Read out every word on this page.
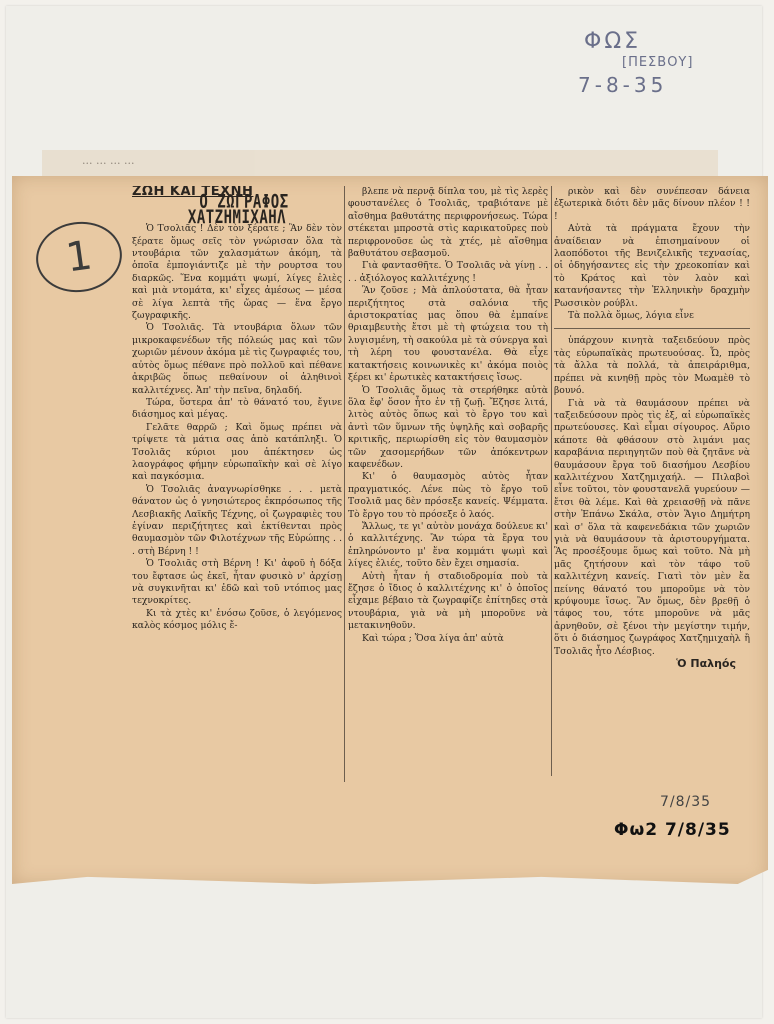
ΦΩΣ
[ΠΕΣΒΟΥ]
7-8-35
... ... ... ...
1

ΖΩΗ ΚΑΙ ΤΕΧΝΗ

Ο ΖΩΓΡΑΦΟΣ ΧΑΤΖΗΜΙΧΑΗΛ

Ὁ Τσολιᾶς ! Δὲν τὸν ξέρατε ; Ἂν δὲν τὸν ξέρατε ὅμως σεῖς τὸν γνώρισαν ὅλα τὰ ντουβάρια τῶν χαλασμάτων ἀκόμη, τὰ ὁποῖα ἐμπογιάντιζε μὲ τὴν ρουρτσα του διαρκῶς. Ἕνα κομμάτι ψωμί, λίγες ἐλιὲς καὶ μιὰ ντομάτα, κι' εἶχες ἀμέσως — μέσα σὲ λίγα λεπτὰ τῆς ὥρας — ἕνα ἔργο ζωγραφικῆς.

Ὁ Τσολιᾶς. Τὰ ντουβάρια ὅλων τῶν μικροκαφενέδων τῆς πόλεώς μας καὶ τῶν χωριῶν μένουν ἀκόμα μὲ τὶς ζωγραφιές του, αὐτὸς ὅμως πέθανε πρὸ πολλοῦ καὶ πέθανε ἀκριβῶς ὅπως πεθαίνουν οἱ ἀληθινοὶ καλλιτέχνες. Ἀπ' τὴν πεῖνα, δηλαδή.

Τώρα, ὕστερα ἀπ' τὸ θάνατό του, ἔγινε διάσημος καὶ μέγας.

Γελᾶτε θαρρῶ ; Καὶ ὅμως πρέπει νὰ τρίψετε τὰ μάτια σας ἀπὸ κατάπληξι. Ὁ Τσολιᾶς κύριοι μου ἀπέκτησεν ὡς λαογράφος φήμην εὐρωπαϊκὴν καὶ σὲ λίγο καὶ παγκόσμια.

Ὁ Τσολιᾶς ἀναγνωρίσθηκε . . . μετὰ θάνατον ὡς ὁ γνησιώτερος ἐκπρόσωπος τῆς Λεσβιακῆς Λαϊκῆς Τέχνης, οἱ ζωγραφιὲς του ἐγίναν περιζήτητες καὶ ἐκτίθενται πρὸς θαυμασμὸν τῶν Φιλοτέχνων τῆς Εὐρώπης . . . στὴ Βέρνη ! !

Ὁ Τσολιᾶς στὴ Βέρνη ! Κι' ἀφοῦ ἡ δόξα του ἔφτασε ὡς ἐκεῖ, ἦταν φυσικὸ ν' ἀρχίσῃ νὰ συγκινῆται κι' ἐδῶ καὶ τοῦ ντόπιος μας τεχνοκρίτες.

Κι τὰ χτὲς κι' ἐνόσω ζοῦσε, ὁ λεγόμενος καλὸς κόσμος μόλις ἔ-

βλεπε νὰ περνᾷ δίπλα του, μὲ τὶς λερὲς φουστανέλες ὁ Τσολιᾶς, τραβιότανε μὲ αἴσθημα βαθυτάτης περιφρονήσεως. Τώρα στέκεται μπροστὰ στὶς καρικατοῦρες ποὺ περιφρονοῦσε ὡς τὰ χτές, μὲ αἴσθημα βαθυτάτου σεβασμοῦ.

Γιὰ φαντασθῆτε. Ὁ Τσολιᾶς νὰ γίνῃ . . . . ἀξιόλογος καλλιτέχνης !

Ἂν ζοῦσε ; Μὰ ἁπλούστατα, θὰ ἦταν περιζήτητος στὰ σαλόνια τῆς ἀριστοκρατίας μας ὅπου θὰ ἐμπαίνε θριαμβευτὴς ἔτσι μὲ τὴ φτώχεια του τὴ λυγισμένη, τὴ σακούλα μὲ τὰ σύνεργα καὶ τὴ λέρη του φουστανέλα. Θὰ εἶχε κατακτήσεις κοινωνικὲς κι' ἀκόμα ποιὸς ξέρει κι' ἐρωτικὲς κατακτήσεις ἴσως.

Ὁ Τσολιᾶς ὅμως τὰ στερήθηκε αὐτὰ ὅλα ἔφ' ὅσον ἦτο ἐν τῇ ζωῇ. Ἔζησε λιτά, λιτὸς αὐτὸς ὅπως καὶ τὸ ἔργο του καὶ ἀντὶ τῶν ὕμνων τῆς ὑψηλῆς καὶ σοβαρῆς κριτικῆς, περιωρίσθη εἰς τὸν θαυμασμὸν τῶν χασομερήδων τῶν ἀπόκεντρων καφενέδων.

Κι' ὁ θαυμασμὸς αὐτὸς ἦταν πραγματικός. Λένε πὼς τὸ ἔργο τοῦ Τσολιᾶ μας δὲν πρόσεξε κανείς. Ψέμματα. Τὸ ἔργο του τὸ πρόσεξε ὁ λαός.

Ἄλλως, τε γι' αὐτὸν μονάχα δούλευε κι' ὁ καλλιτέχνης. Ἂν τώρα τὰ ἔργα του ἐπληρώνοντο μ' ἕνα κομμάτι ψωμὶ καὶ λίγες ἐλιές, τοῦτο δὲν ἔχει σημασία.

Αὐτὴ ἦταν ἡ σταδιοδρομία ποὺ τὰ ἔζησε ὁ ἴδιος ὁ καλλιτέχνης κι' ὁ ὁποῖος εἶχαμε βέβαιο τὰ ζωγραφίζε ἐπίτηδες στὰ ντουβάρια, γιὰ νὰ μὴ μποροῦνε νὰ μετακινηθοῦν.

Καὶ τώρα ; Ὅσα λίγα ἀπ' αὐτὰ

ρικὸν καὶ δὲν συνέπεσαν δάνεια ἐξωτερικὰ διότι δὲν μᾶς δίνουν πλέον ! ! !

Αὐτὰ τὰ πράγματα ἔχουν τὴν ἀναίδειαν νὰ ἐπισημαίνουν οἱ λαοπόδοτοι τῆς Βενιζελικῆς τεχνασίας, οἱ ὁδηγήσαντες εἰς τὴν χρεοκοπίαν καὶ τὸ Κράτος καὶ τὸν λαὸν καὶ κατανήσαντες τὴν Ἑλληνικὴν δραχμὴν Ρωσσικὸν ρούβλι.

Τὰ πολλὰ ὅμως, λόγια εἶνε

ὑπάρχουν κινητὰ ταξειδεύουν πρὸς τὰς εὐρωπαϊκὰς πρωτευούσας. Ὦ, πρὸς τὰ ἄλλα τὰ πολλά, τὰ ἀπειράριθμα, πρέπει νὰ κινηθῇ πρὸς τὸν Μωαμὲθ τὸ βουνό.

Γιὰ νὰ τὰ θαυμάσουν πρέπει νὰ ταξειδεύσουν πρὸς τὶς ἐξ, αἱ εὐρωπαϊκὲς πρωτεύουσες. Καὶ εἶμαι σίγουρος. Αὔριο κάποτε θὰ φθάσουν στὸ λιμάνι μας καραβάνια περιηγητῶν ποὺ θὰ ζητᾶνε νὰ θαυμάσουν ἔργα τοῦ διασήμου Λεσβίου καλλιτέχνου Χατζημιχαήλ. — Πιλαβοὶ εἶνε τοῦτοι, τὸν φουστανελᾶ γυρεύουν — ἔτσι θὰ λέμε. Καὶ θὰ χρειασθῇ νὰ πᾶνε στὴν Ἐπάνω Σκάλα, στὸν Ἅγιο Δημήτρη καὶ σ' ὅλα τὰ καφενεδάκια τῶν χωριῶν γιὰ νὰ θαυμάσουν τὰ ἀριστουργήματα. Ἂς προσέξουμε ὅμως καὶ τοῦτο. Νὰ μὴ μᾶς ζητήσουν καὶ τὸν τάφο τοῦ καλλιτέχνη κανείς. Γιατὶ τὸν μὲν ἔα πείνης θάνατό του μποροῦμε νὰ τὸν κρύψουμε ἴσως. Ἂν ὅμως, δὲν βρεθῇ ὁ τάφος του, τότε μποροῦνε νὰ μᾶς ἀρνηθοῦν, σὲ ξένοι τὴν μεγίστην τιμήν, ὅτι ὁ διάσημος ζωγράφος Χατζημιχαὴλ ἢ Τσολιᾶς ἦτο Λέσβιος.

Ὁ Παληός

7/8/35
Φω2 7/8/35
